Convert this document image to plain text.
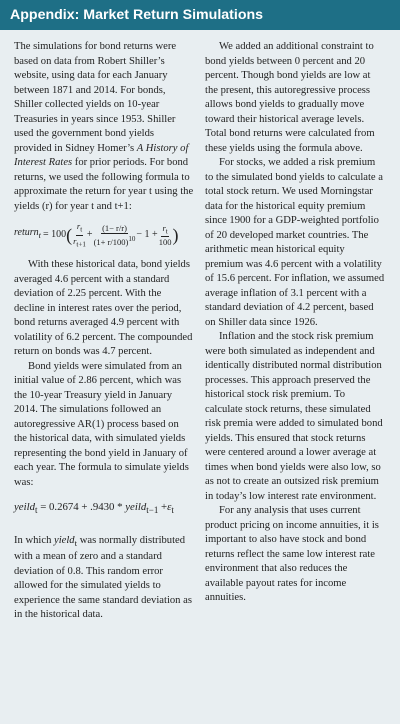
Appendix: Market Return Simulations

The simulations for bond returns were based on data from Robert Shiller’s website, using data for each January between 1871 and 2014. For bonds, Shiller collected yields on 10-year Treasuries in years since 1953. Shiller used the government bond yields provided in Sidney Homer’s A History of Interest Rates for prior periods. For bond returns, we used the following formula to approximate the return for year t using the yields (r) for year t and t+1:

return$_t$ = 100 ( $\frac{r_t}{r_{t+1}} + \frac{(1- r/r)}{(1+ r/100)^{10}} - 1 + \frac{r_t}{100}$ )

With these historical data, bond yields averaged 4.6 percent with a standard deviation of 2.25 percent. With the decline in interest rates over the period, bond returns averaged 4.9 percent with volatility of 6.2 percent. The compounded return on bonds was 4.7 percent.

Bond yields were simulated from an initial value of 2.86 percent, which was the 10-year Treasury yield in January 2014. The simulations followed an autoregressive AR(1) process based on the historical data, with simulated yields representing the bond yield in January of each year. The formula to simulate yields was:

yeild$_t$ = 0.2674 + .9430 * yeild$_{t-1}$ $+\varepsilon_t$

In which yield$_t$ was normally distributed with a mean of zero and a standard deviation of 0.8. This random error allowed for the simulated yields to experience the same standard deviation as in the historical data.

We added an additional constraint to bond yields between 0 percent and 20 percent. Though bond yields are low at the present, this autoregressive process allows bond yields to gradually move toward their historical average levels. Total bond returns were calculated from these yields using the formula above.

For stocks, we added a risk premium to the simulated bond yields to calculate a total stock return. We used Morningstar data for the historical equity premium since 1900 for a GDP-weighted portfolio of 20 developed market countries. The arithmetic mean historical equity premium was 4.6 percent with a volatility of 15.6 percent. For inflation, we assumed average inflation of 3.1 percent with a standard deviation of 4.2 percent, based on Shiller data since 1926.

Inflation and the stock risk premium were both simulated as independent and identically distributed normal distribution processes. This approach preserved the historical stock risk premium. To calculate stock returns, these simulated risk premia were added to simulated bond yields. This ensured that stock returns were centered around a lower average at times when bond yields were also low, so as not to create an outsized risk premium in today’s low interest rate environment.

For any analysis that uses current product pricing on income annuities, it is important to also have stock and bond returns reflect the same low interest rate environment that also reduces the available payout rates for income annuities.
